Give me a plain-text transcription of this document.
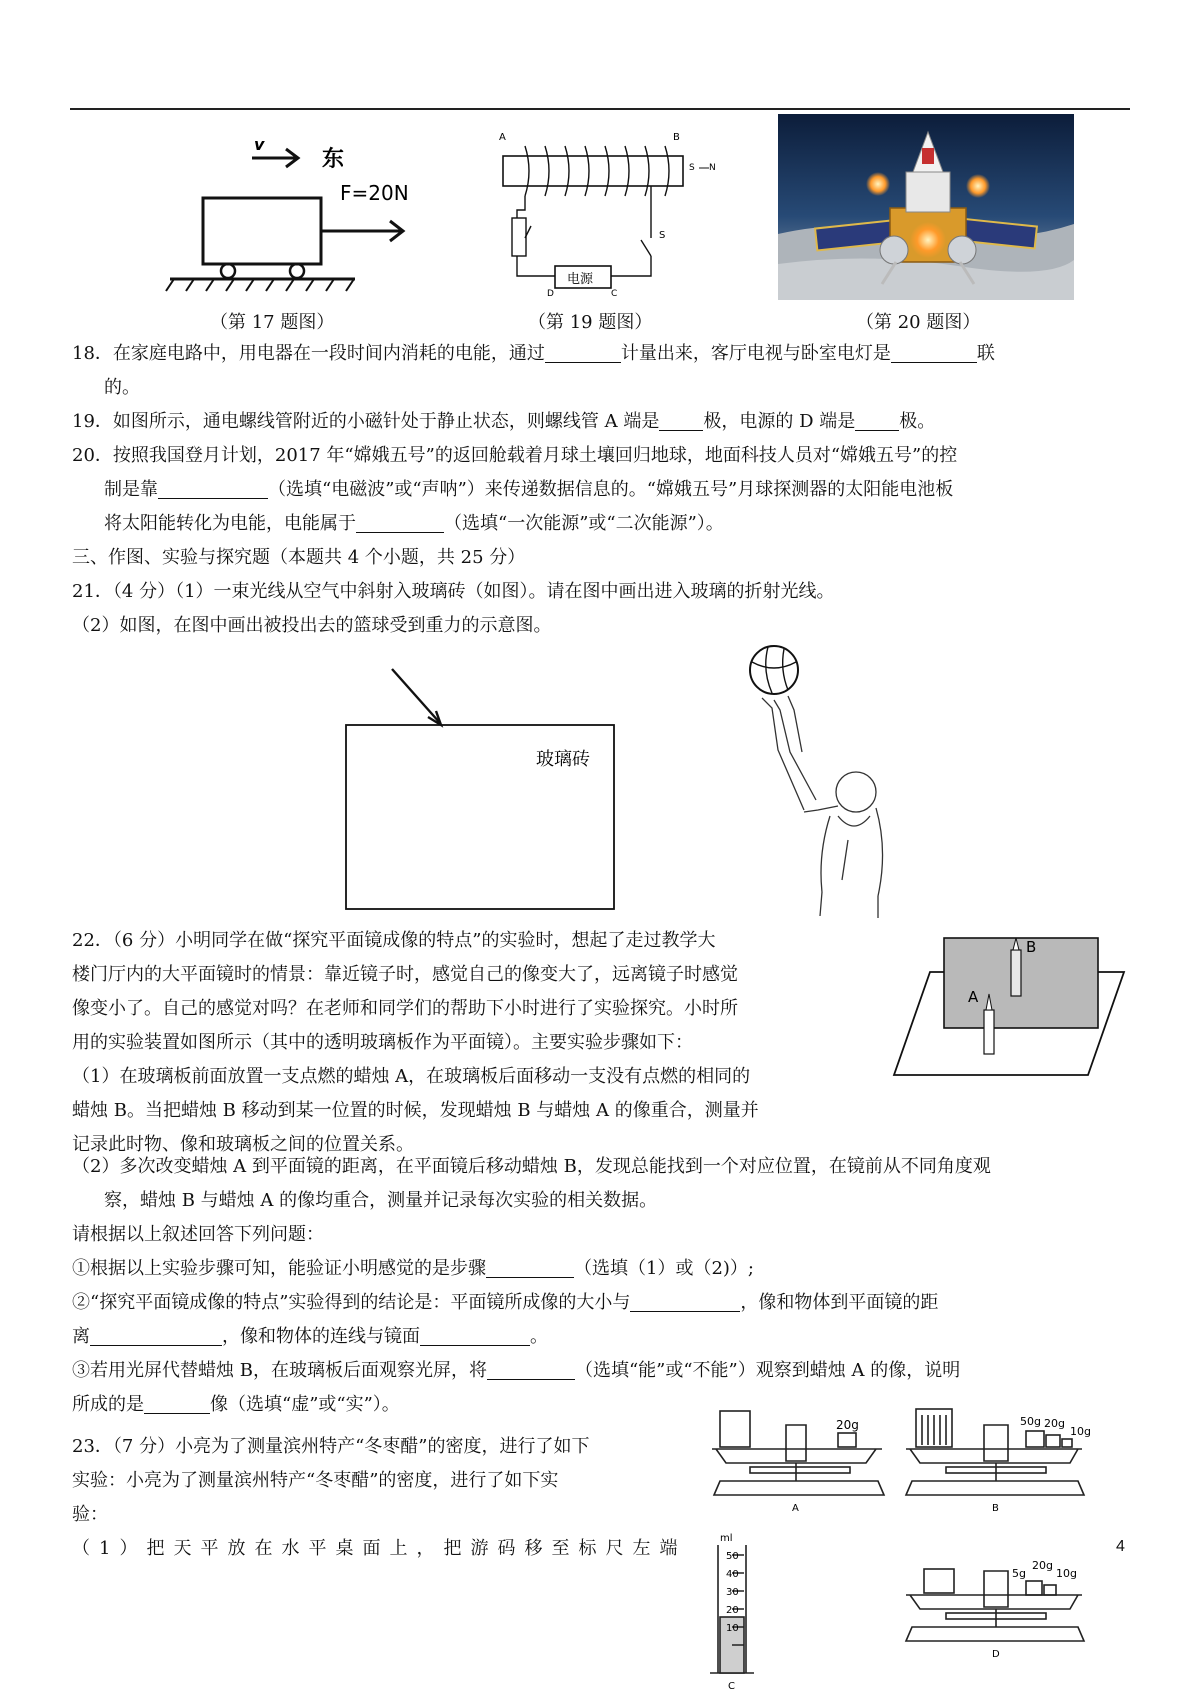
v
东
F=20N
A	B
电源
D	C
S
S N
（第 17 题图）	（第 19 题图）	（第 20 题图）
18．在家庭电路中，用电器在一段时间内消耗的电能，通过	计量出来，客厅电视与卧室电灯是	联
的。
19．如图所示，通电螺线管附近的小磁针处于静止状态，则螺线管 A 端是 极，电源的 D 端是 极。
20．按照我国登月计划，2017 年“嫦娥五号”的返回舱载着月球土壤回归地球，地面科技人员对“嫦娥五号”的控
制是靠	（选填“电磁波”或“声呐”）来传递数据信息的。“嫦娥五号”月球探测器的太阳能电池板
将太阳能转化为电能，电能属于	（选填“一次能源”或“二次能源”）。
三、作图、实验与探究题（本题共 4 个小题，共 25 分）
21．（4 分）（1）一束光线从空气中斜射入玻璃砖（如图）。请在图中画出进入玻璃的折射光线。
（2）如图，在图中画出被投出去的篮球受到重力的示意图。
玻璃砖
22．（6 分）小明同学在做“探究平面镜成像的特点”的实验时，想起了走过教学大
楼门厅内的大平面镜时的情景：靠近镜子时，感觉自己的像变大了，远离镜子时感觉
像变小了。自己的感觉对吗？在老师和同学们的帮助下小时进行了实验探究。小时所
用的实验装置如图所示（其中的透明玻璃板作为平面镜）。主要实验步骤如下：
（1）在玻璃板前面放置一支点燃的蜡烛 A，在玻璃板后面移动一支没有点燃的相同的
蜡烛 B。当把蜡烛 B 移动到某一位置的时候，发现蜡烛 B 与蜡烛 A 的像重合，测量并
记录此时物、像和玻璃板之间的位置关系。
B
A
（2）多次改变蜡烛 A 到平面镜的距离，在平面镜后移动蜡烛 B，发现总能找到一个对应位置，在镜前从不同角度观
察，蜡烛 B 与蜡烛 A 的像均重合，测量并记录每次实验的相关数据。
请根据以上叙述回答下列问题：
①根据以上实验步骤可知，能验证小明感觉的是步骤	（选填（1）或（2)）;
②“探究平面镜成像的特点”实验得到的结论是：平面镜所成像的大小与	，像和物体到平面镜的距
离	，像和物体的连线与镜面	。
③若用光屏代替蜡烛 B，在玻璃板后面观察光屏，将	（选填“能”或“不能”）观察到蜡烛 A 的像，说明
所成的是	像（选填“虚”或“实”）。
23．（7 分）小亮为了测量滨州特产“冬枣醋”的密度，进行了如下
实验：小亮为了测量滨州特产“冬枣醋”的密度，进行了如下实
验：
（1）把天平放在水平桌面上，把游码移至标尺左端
20g	50g 20g
10g
5g
20g
10g
ml
50
40
30
20
10
A	B
C
D
4
